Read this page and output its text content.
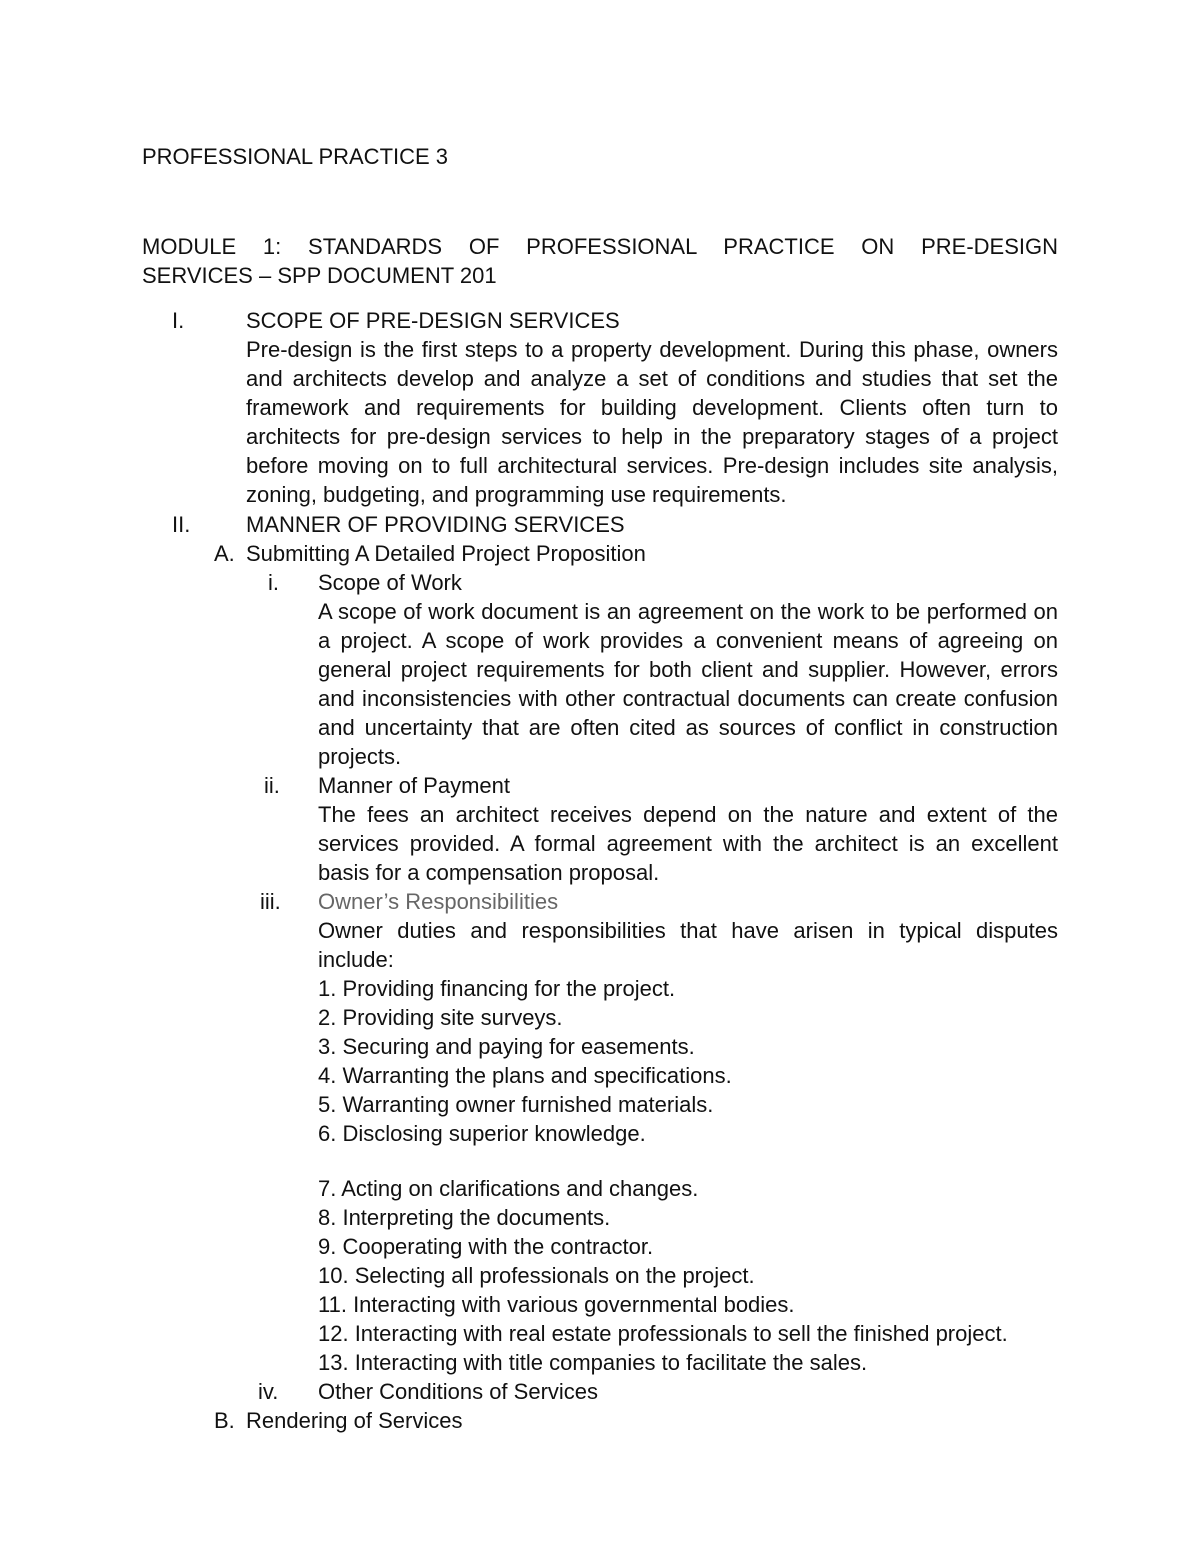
PROFESSIONAL PRACTICE 3
MODULE 1: STANDARDS OF PROFESSIONAL PRACTICE ON PRE-DESIGN
SERVICES – SPP DOCUMENT 201
I.	SCOPE OF PRE-DESIGN SERVICES
Pre-design is the first steps to a property development. During this phase, owners and architects develop and analyze a set of conditions and studies that set the framework and requirements for building development. Clients often turn to architects for pre-design services to help in the preparatory stages of a project before moving on to full architectural services. Pre-design includes site analysis, zoning, budgeting, and programming use requirements.
II.	MANNER OF PROVIDING SERVICES
A. Submitting A Detailed Project Proposition
i. Scope of Work
A scope of work document is an agreement on the work to be performed on a project. A scope of work provides a convenient means of agreeing on general project requirements for both client and supplier. However, errors and inconsistencies with other contractual documents can create confusion and uncertainty that are often cited as sources of conflict in construction projects.
ii. Manner of Payment
The fees an architect receives depend on the nature and extent of the services provided. A formal agreement with the architect is an excellent basis for a compensation proposal.
iii. Owner’s Responsibilities
Owner duties and responsibilities that have arisen in typical disputes include:
1. Providing financing for the project.
2. Providing site surveys.
3. Securing and paying for easements.
4. Warranting the plans and specifications.
5. Warranting owner furnished materials.
6. Disclosing superior knowledge.
7. Acting on clarifications and changes.
8. Interpreting the documents.
9. Cooperating with the contractor.
10. Selecting all professionals on the project.
11. Interacting with various governmental bodies.
12. Interacting with real estate professionals to sell the finished project.
13. Interacting with title companies to facilitate the sales.
iv. Other Conditions of Services
B. Rendering of Services
